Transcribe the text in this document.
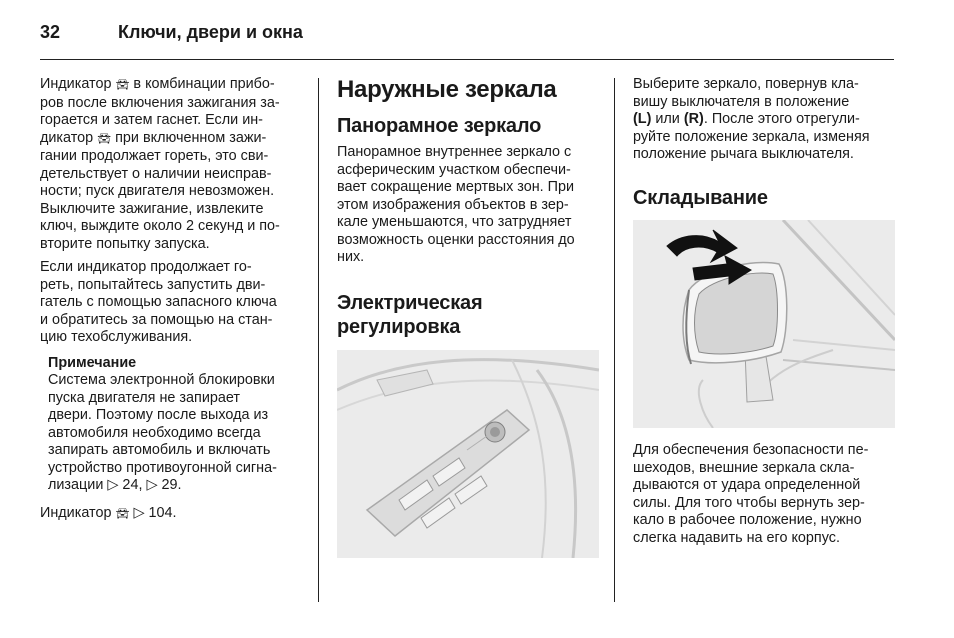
32	Ключи, двери и окна

Индикатор 🚘︎ в комбинации прибо-
ров после включения зажигания за-
горается и затем гаснет. Если ин-
дикатор 🚘︎ при включенном зажи-
гании продолжает гореть, это сви-
детельствует о наличии неисправ-
ности; пуск двигателя невозможен.
Выключите зажигание, извлеките
ключ, выждите около 2 секунд и по-
вторите попытку запуска.

Если индикатор продолжает го-
реть, попытайтесь запустить дви-
гатель с помощью запасного ключа
и обратитесь за помощью на стан-
цию техобслуживания.

Примечание
Система электронной блокировки
пуска двигателя не запирает
двери. Поэтому после выхода из
автомобиля необходимо всегда
запирать автомобиль и включать
устройство противоугонной сигна-
лизации ▷ 24, ▷ 29.

Индикатор 🚘︎ ▷ 104.

Наружные зеркала
Панорамное зеркало

Панорамное внутреннее зеркало с
асферическим участком обеспечи-
вает сокращение мертвых зон. При
этом изображения объектов в зер-
кале уменьшаются, что затрудняет
возможность оценки расстояния до
них.

Электрическая
регулировка

Выберите зеркало, повернув кла-
вишу выключателя в положение
(L) или (R). После этого отрегули-
руйте положение зеркала, изменяя
положение рычага выключателя.

Складывание

Для обеспечения безопасности пе-
шеходов, внешние зеркала скла-
дываются от удара определенной
силы. Для того чтобы вернуть зер-
кало в рабочее положение, нужно
слегка надавить на его корпус.
